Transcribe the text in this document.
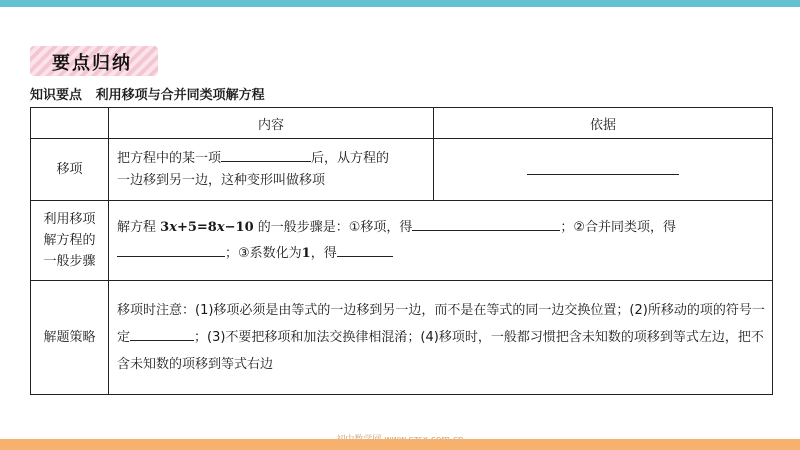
要点归纳
知识要点 利用移项与合并同类项解方程
	内容	依据
移项	把方程中的某一项 后，从方程的
一边移到另一边，这种变形叫做移项	
利用移项
解方程的
一般步骤	解方程 3x+5=8x−10 的一般步骤是：①移项，得 ；②合并同类项，得
；③系数化为1，得	
解题策略	移项时注意：(1)移项必须是由等式的一边移到另一边，而不是在等式的同一边交换位置；(2)所移动的项的符号一定 ；(3)不要把移项和加法交换律相混淆；(4)移项时，一般都习惯把含未知数的项移到等式左边，把不含未知数的项移到等式右边	
